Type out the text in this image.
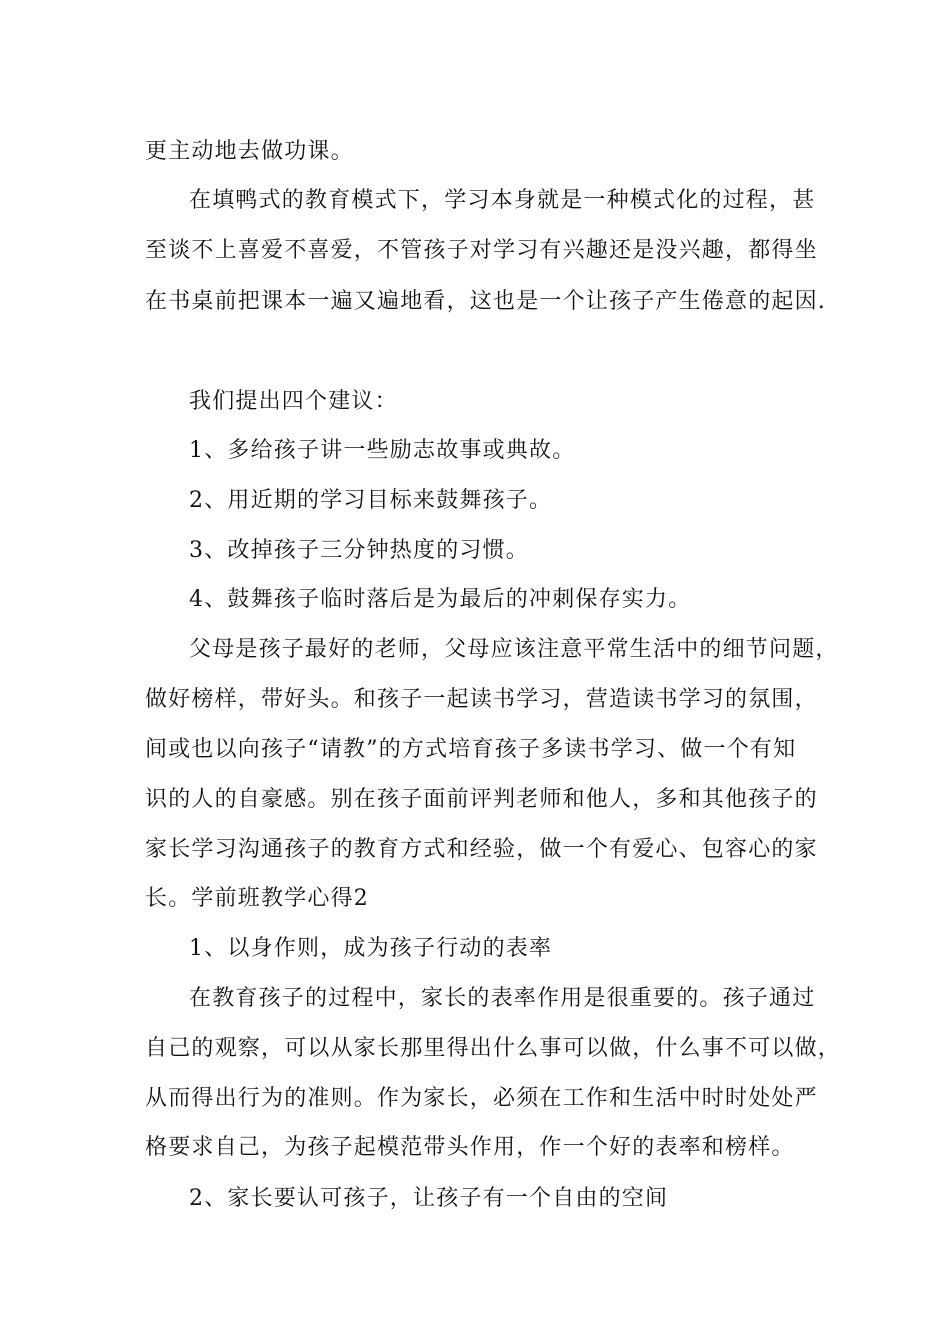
更主动地去做功课。
在填鸭式的教育模式下，学习本身就是一种模式化的过程，甚
至谈不上喜爱不喜爱，不管孩子对学习有兴趣还是没兴趣，都得坐
在书桌前把课本一遍又遍地看，这也是一个让孩子产生倦意的起因.
我们提出四个建议：
1、多给孩子讲一些励志故事或典故。
2、用近期的学习目标来鼓舞孩子。
3、改掉孩子三分钟热度的习惯。
4、鼓舞孩子临时落后是为最后的冲刺保存实力。
父母是孩子最好的老师，父母应该注意平常生活中的细节问题，
做好榜样，带好头。和孩子一起读书学习，营造读书学习的氛围，
间或也以向孩子“请教”的方式培育孩子多读书学习、做一个有知
识的人的自豪感。别在孩子面前评判老师和他人，多和其他孩子的
家长学习沟通孩子的教育方式和经验，做一个有爱心、包容心的家
长。学前班教学心得2
1、以身作则，成为孩子行动的表率
在教育孩子的过程中，家长的表率作用是很重要的。孩子通过
自己的观察，可以从家长那里得出什么事可以做，什么事不可以做，
从而得出行为的准则。作为家长，必须在工作和生活中时时处处严
格要求自己，为孩子起模范带头作用，作一个好的表率和榜样。
2、家长要认可孩子，让孩子有一个自由的空间
